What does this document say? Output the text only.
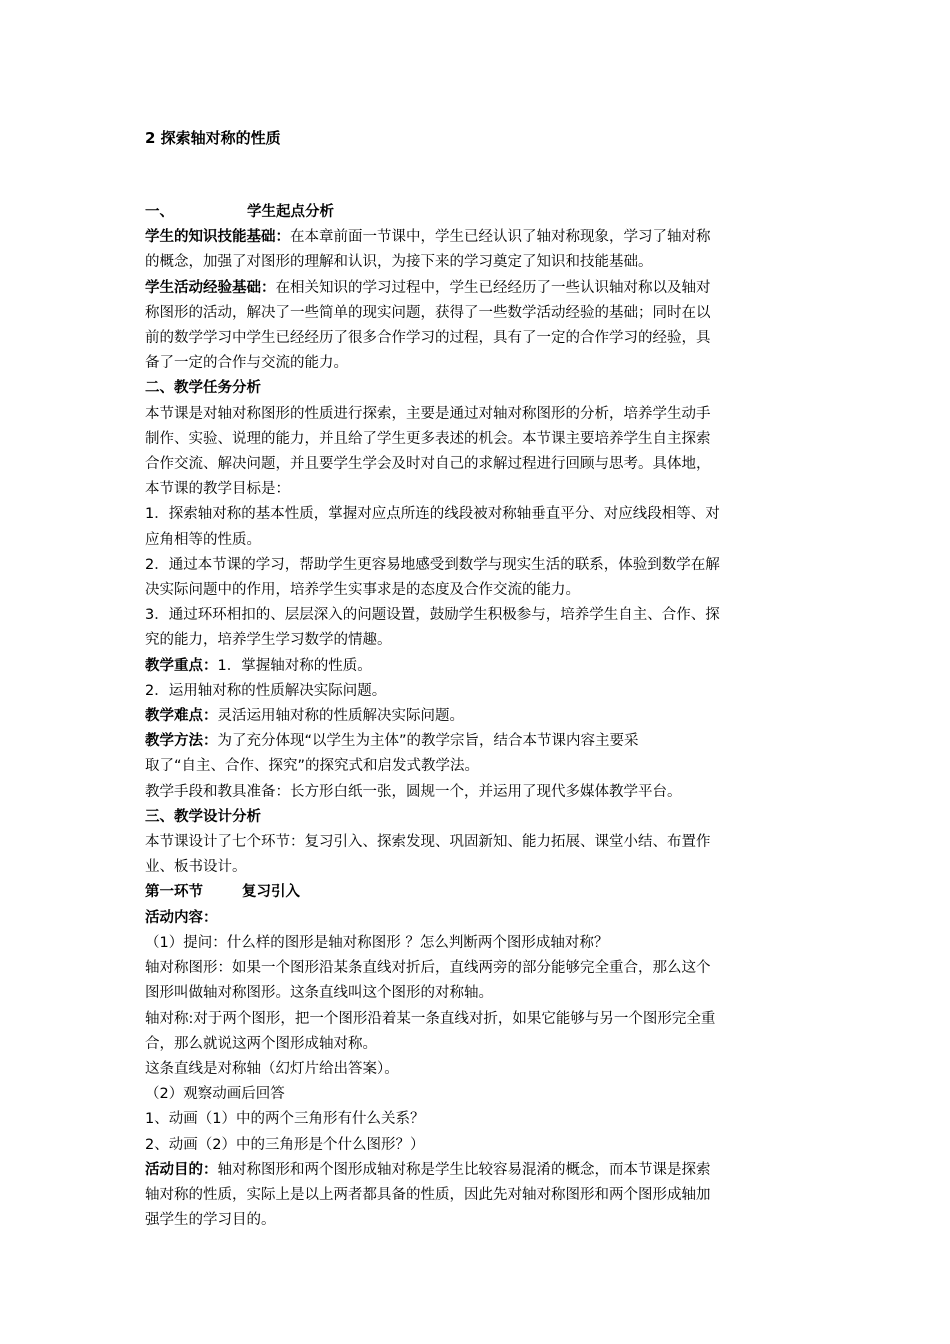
2 探索轴对称的性质
一、	学生起点分析
学生的知识技能基础：在本章前面一节课中，学生已经认识了轴对称现象，学习了轴对称
的概念，加强了对图形的理解和认识，为接下来的学习奠定了知识和技能基础。
学生活动经验基础：在相关知识的学习过程中，学生已经经历了一些认识轴对称以及轴对
称图形的活动，解决了一些简单的现实问题，获得了一些数学活动经验的基础；同时在以
前的数学学习中学生已经经历了很多合作学习的过程，具有了一定的合作学习的经验，具
备了一定的合作与交流的能力。
二、教学任务分析
本节课是对轴对称图形的性质进行探索，主要是通过对轴对称图形的分析，培养学生动手
制作、实验、说理的能力，并且给了学生更多表述的机会。本节课主要培养学生自主探索
合作交流、解决问题，并且要学生学会及时对自己的求解过程进行回顾与思考。具体地，
本节课的教学目标是：
1．探索轴对称的基本性质，掌握对应点所连的线段被对称轴垂直平分、对应线段相等、对
应角相等的性质。
2．通过本节课的学习，帮助学生更容易地感受到数学与现实生活的联系，体验到数学在解
决实际问题中的作用，培养学生实事求是的态度及合作交流的能力。
3．通过环环相扣的、层层深入的问题设置，鼓励学生积极参与，培养学生自主、合作、探
究的能力，培养学生学习数学的情趣。
教学重点：1．掌握轴对称的性质。
2．运用轴对称的性质解决实际问题。
教学难点：灵活运用轴对称的性质解决实际问题。
教学方法：为了充分体现“以学生为主体”的教学宗旨，结合本节课内容主要采
取了“自主、合作、探究”的探究式和启发式教学法。
教学手段和教具准备：长方形白纸一张，圆规一个，并运用了现代多媒体教学平台。
三、教学设计分析
本节课设计了七个环节：复习引入、探索发现、巩固新知、能力拓展、课堂小结、布置作
业、板书设计。
第一环节	复习引入
活动内容：
（1）提问：什么样的图形是轴对称图形 ？怎么判断两个图形成轴对称？
轴对称图形：如果一个图形沿某条直线对折后，直线两旁的部分能够完全重合，那么这个
图形叫做轴对称图形。这条直线叫这个图形的对称轴。
轴对称:对于两个图形，把一个图形沿着某一条直线对折，如果它能够与另一个图形完全重
合，那么就说这两个图形成轴对称。
这条直线是对称轴（幻灯片给出答案）。
（2）观察动画后回答
1、动画（1）中的两个三角形有什么关系？
2、动画（2）中的三角形是个什么图形？）
活动目的：轴对称图形和两个图形成轴对称是学生比较容易混淆的概念，而本节课是探索
轴对称的性质，实际上是以上两者都具备的性质，因此先对轴对称图形和两个图形成轴加
强学生的学习目的。
